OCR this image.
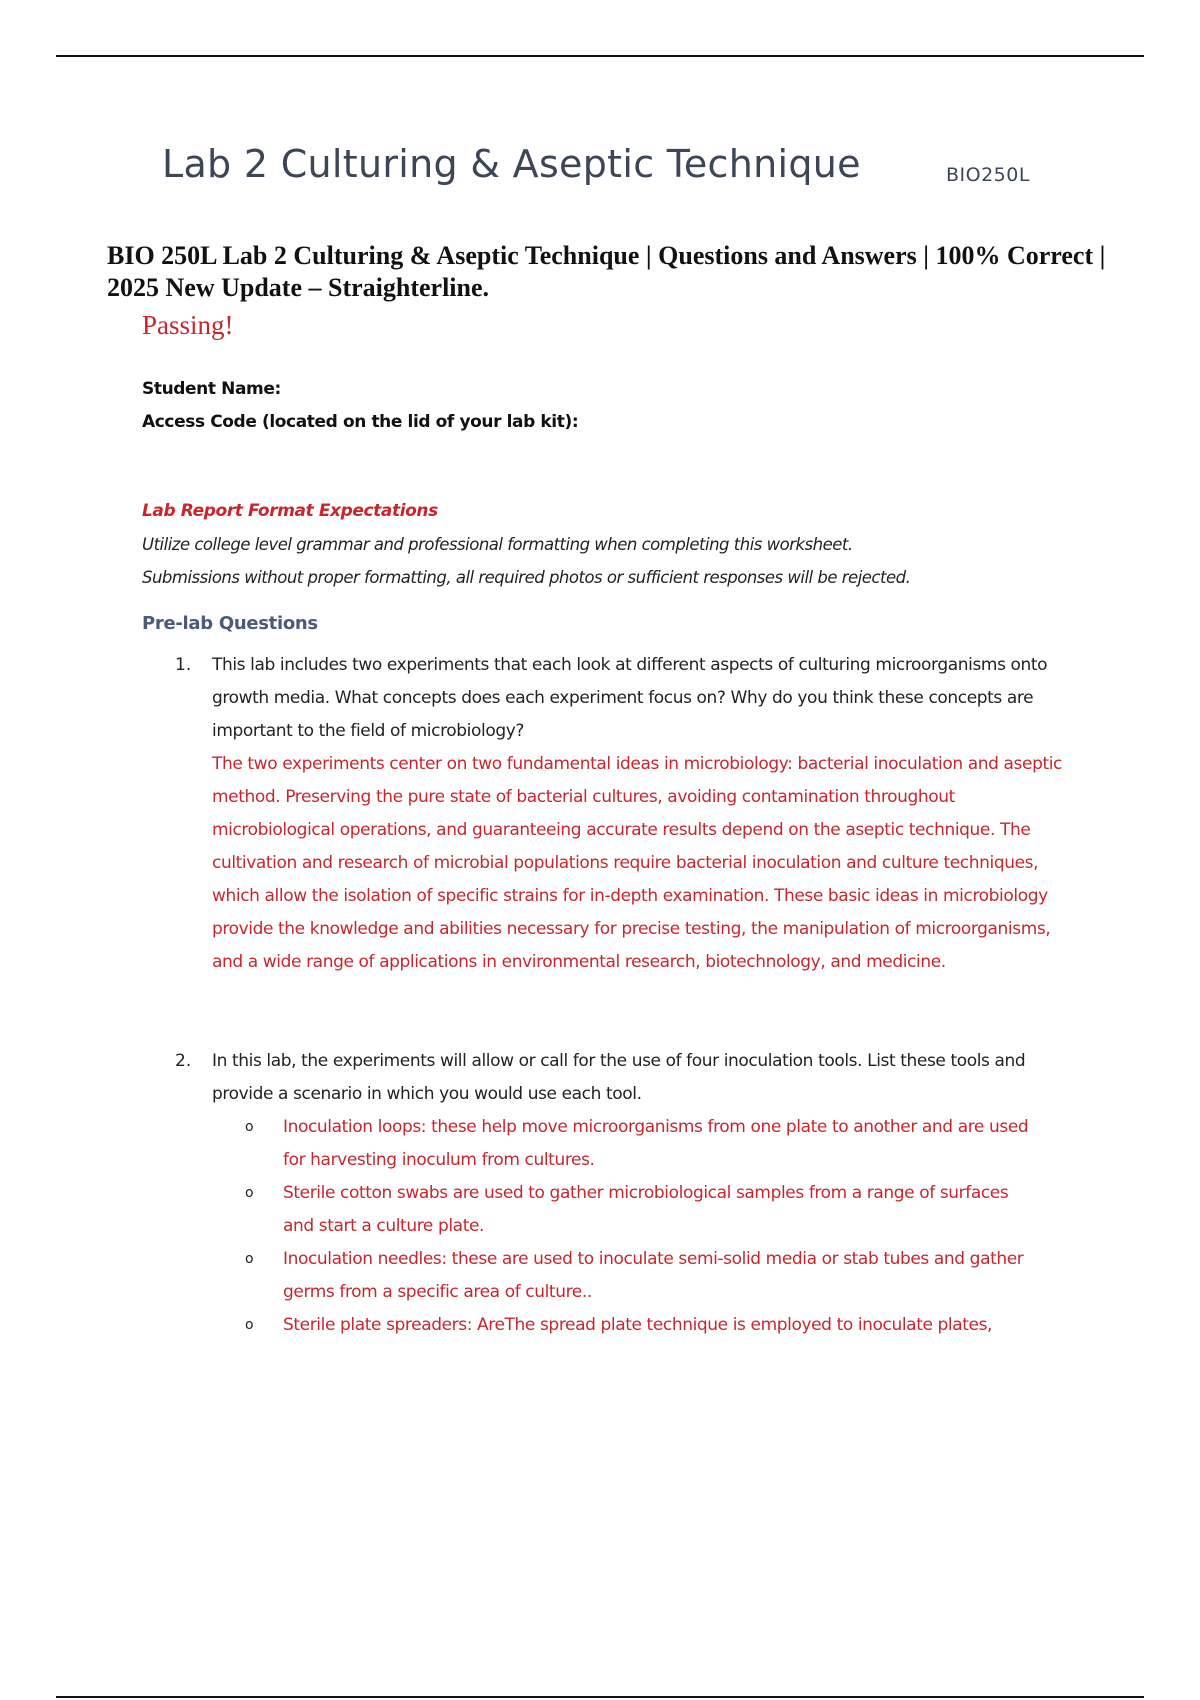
Lab 2 Culturing & Aseptic Technique	BIO250L
BIO 250L Lab 2 Culturing & Aseptic Technique | Questions and Answers | 100% Correct | 2025 New Update – Straighterline.
Passing!
Student Name:
Access Code (located on the lid of your lab kit):
Lab Report Format Expectations
Utilize college level grammar and professional formatting when completing this worksheet.
Submissions without proper formatting, all required photos or sufficient responses will be rejected.
Pre-lab Questions
1. This lab includes two experiments that each look at different aspects of culturing microorganisms onto growth media. What concepts does each experiment focus on? Why do you think these concepts are important to the field of microbiology?

The two experiments center on two fundamental ideas in microbiology: bacterial inoculation and aseptic method. Preserving the pure state of bacterial cultures, avoiding contamination throughout microbiological operations, and guaranteeing accurate results depend on the aseptic technique. The cultivation and research of microbial populations require bacterial inoculation and culture techniques, which allow the isolation of specific strains for in-depth examination. These basic ideas in microbiology provide the knowledge and abilities necessary for precise testing, the manipulation of microorganisms, and a wide range of applications in environmental research, biotechnology, and medicine.

2. In this lab, the experiments will allow or call for the use of four inoculation tools. List these tools and provide a scenario in which you would use each tool.

o Inoculation loops: these help move microorganisms from one plate to another and are used for harvesting inoculum from cultures.
o Sterile cotton swabs are used to gather microbiological samples from a range of surfaces and start a culture plate.
o Inoculation needles: these are used to inoculate semi-solid media or stab tubes and gather germs from a specific area of culture..
o Sterile plate spreaders: AreThe spread plate technique is employed to inoculate plates,
